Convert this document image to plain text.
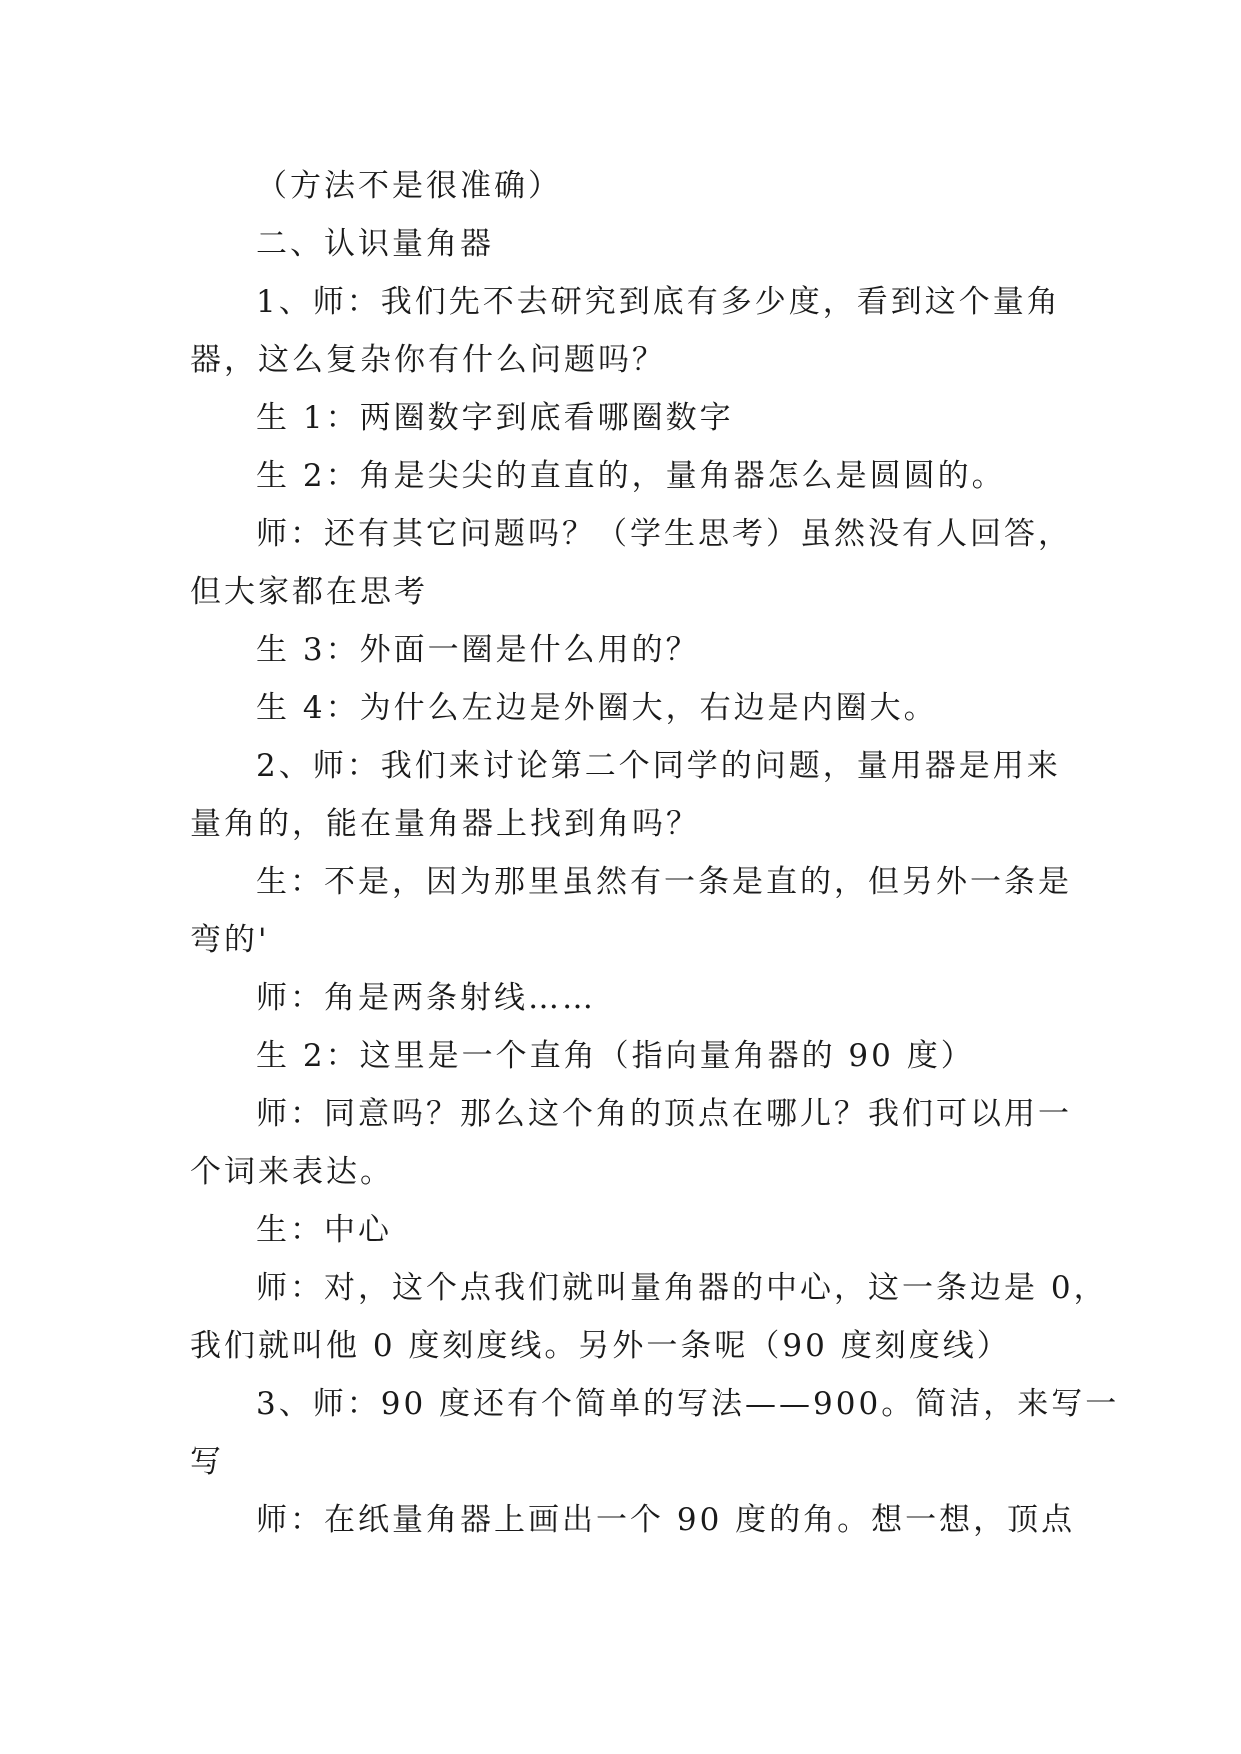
（方法不是很准确）
二、认识量角器
1、师：我们先不去研究到底有多少度，看到这个量角
器，这么复杂你有什么问题吗？
生 1：两圈数字到底看哪圈数字
生 2：角是尖尖的直直的，量角器怎么是圆圆的。
师：还有其它问题吗？（学生思考）虽然没有人回答，
但大家都在思考
生 3：外面一圈是什么用的？
生 4：为什么左边是外圈大，右边是内圈大。
2、师：我们来讨论第二个同学的问题，量用器是用来
量角的，能在量角器上找到角吗？
生：不是，因为那里虽然有一条是直的，但另外一条是
弯的'
师：角是两条射线……
生 2：这里是一个直角（指向量角器的 90 度）
师：同意吗？那么这个角的顶点在哪儿？我们可以用一
个词来表达。
生：中心
师：对，这个点我们就叫量角器的中心，这一条边是 0，
我们就叫他 0 度刻度线。另外一条呢（90 度刻度线）
3、师：90 度还有个简单的写法——900。简洁，来写一
写
师：在纸量角器上画出一个 90 度的角。想一想，顶点
